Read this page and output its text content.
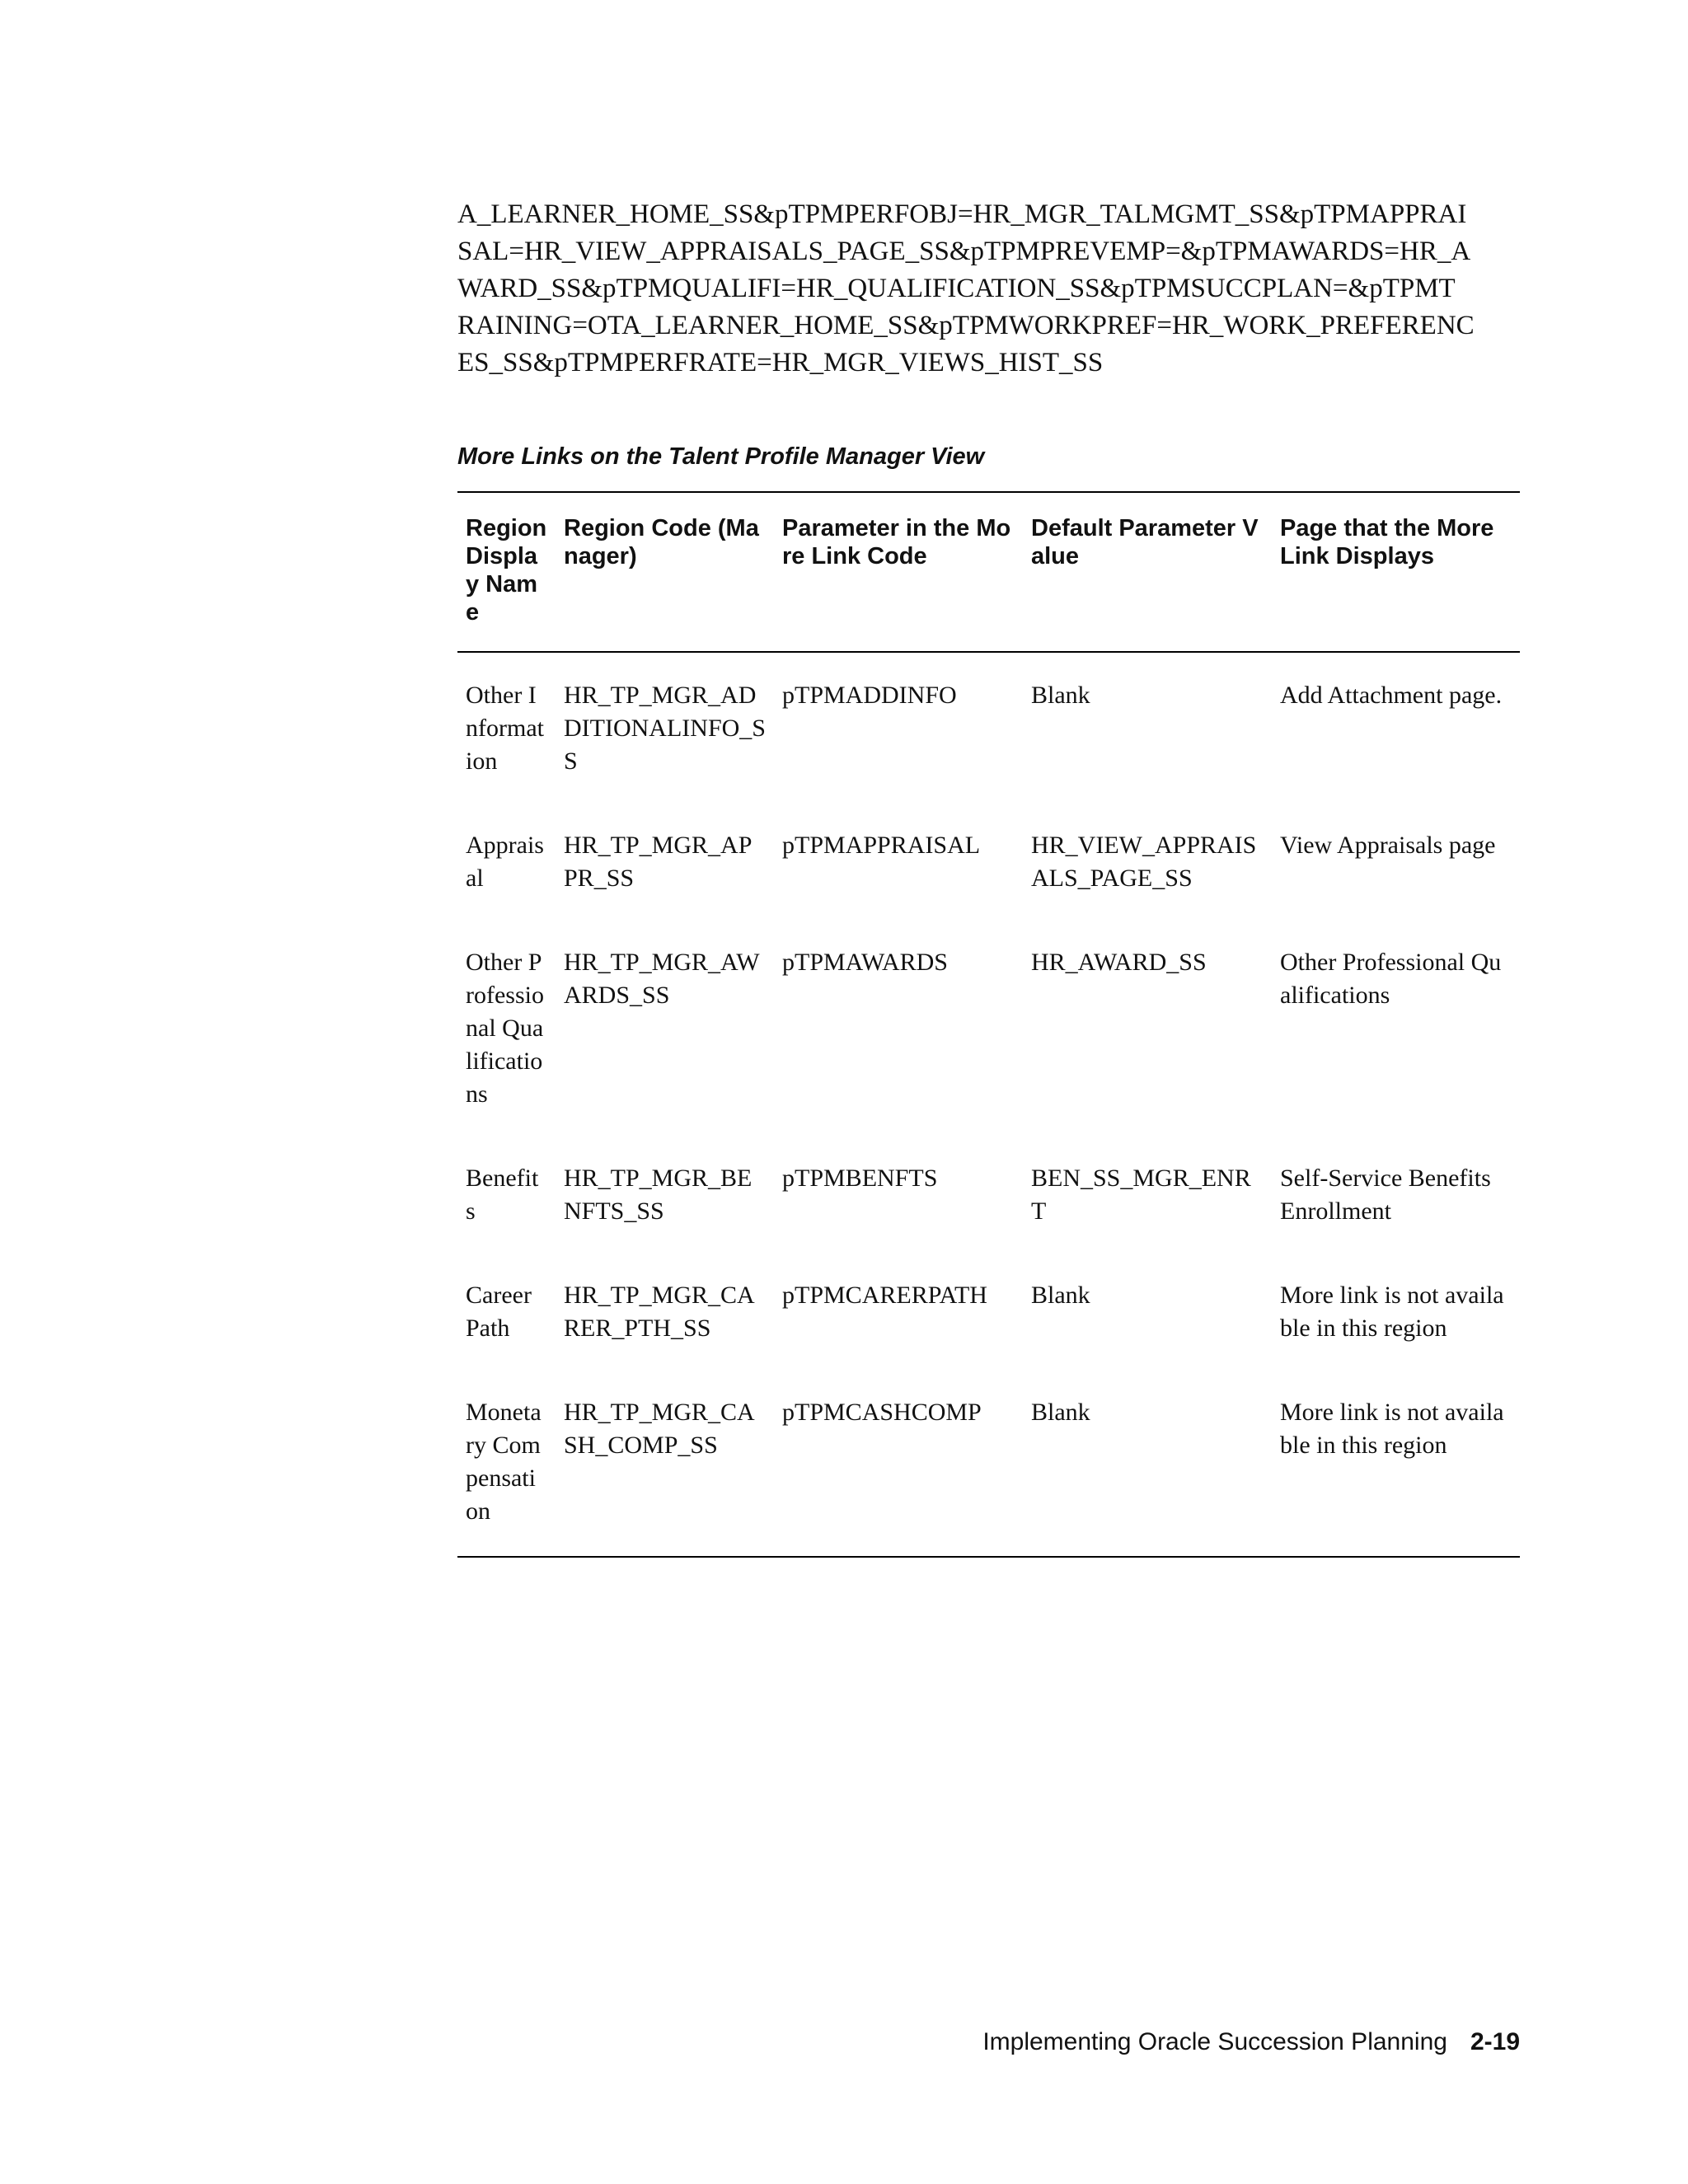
A_LEARNER_HOME_SS&pTPMPERFOBJ=HR_MGR_TALMGMT_SS&pTPMAPPRAI
SAL=HR_VIEW_APPRAISALS_PAGE_SS&pTPMPREVEMP=&pTPMAWARDS=HR_A
WARD_SS&pTPMQUALIFI=HR_QUALIFICATION_SS&pTPMSUCCPLAN=&pTPMT
RAINING=OTA_LEARNER_HOME_SS&pTPMWORKPREF=HR_WORK_PREFERENC
ES_SS&pTPMPERFRATE=HR_MGR_VIEWS_HIST_SS
More Links on the Talent Profile Manager View
Region Display Name	Region Code (Manager)	Parameter in the More Link Code	Default Parameter Value	Page that the More Link Displays
Other Information	HR_TP_MGR_ADDITIONALINFO_SS	pTPMADDINFO	Blank	Add Attachment page.
Appraisal	HR_TP_MGR_APPR_SS	pTPMAPPRAISAL	HR_VIEW_APPRAISALS_PAGE_SS	View Appraisals page
Other Professional Qualifications	HR_TP_MGR_AWARDS_SS	pTPMAWARDS	HR_AWARD_SS	Other Professional Qualifications
Benefits	HR_TP_MGR_BENFTS_SS	pTPMBENFTS	BEN_SS_MGR_ENRT	Self-Service Benefits Enrollment
Career Path	HR_TP_MGR_CARER_PTH_SS	pTPMCARERPATH	Blank	More link is not available in this region
Monetary Compensation	HR_TP_MGR_CASH_COMP_SS	pTPMCASHCOMP	Blank	More link is not available in this region
Implementing Oracle Succession Planning 2-19
